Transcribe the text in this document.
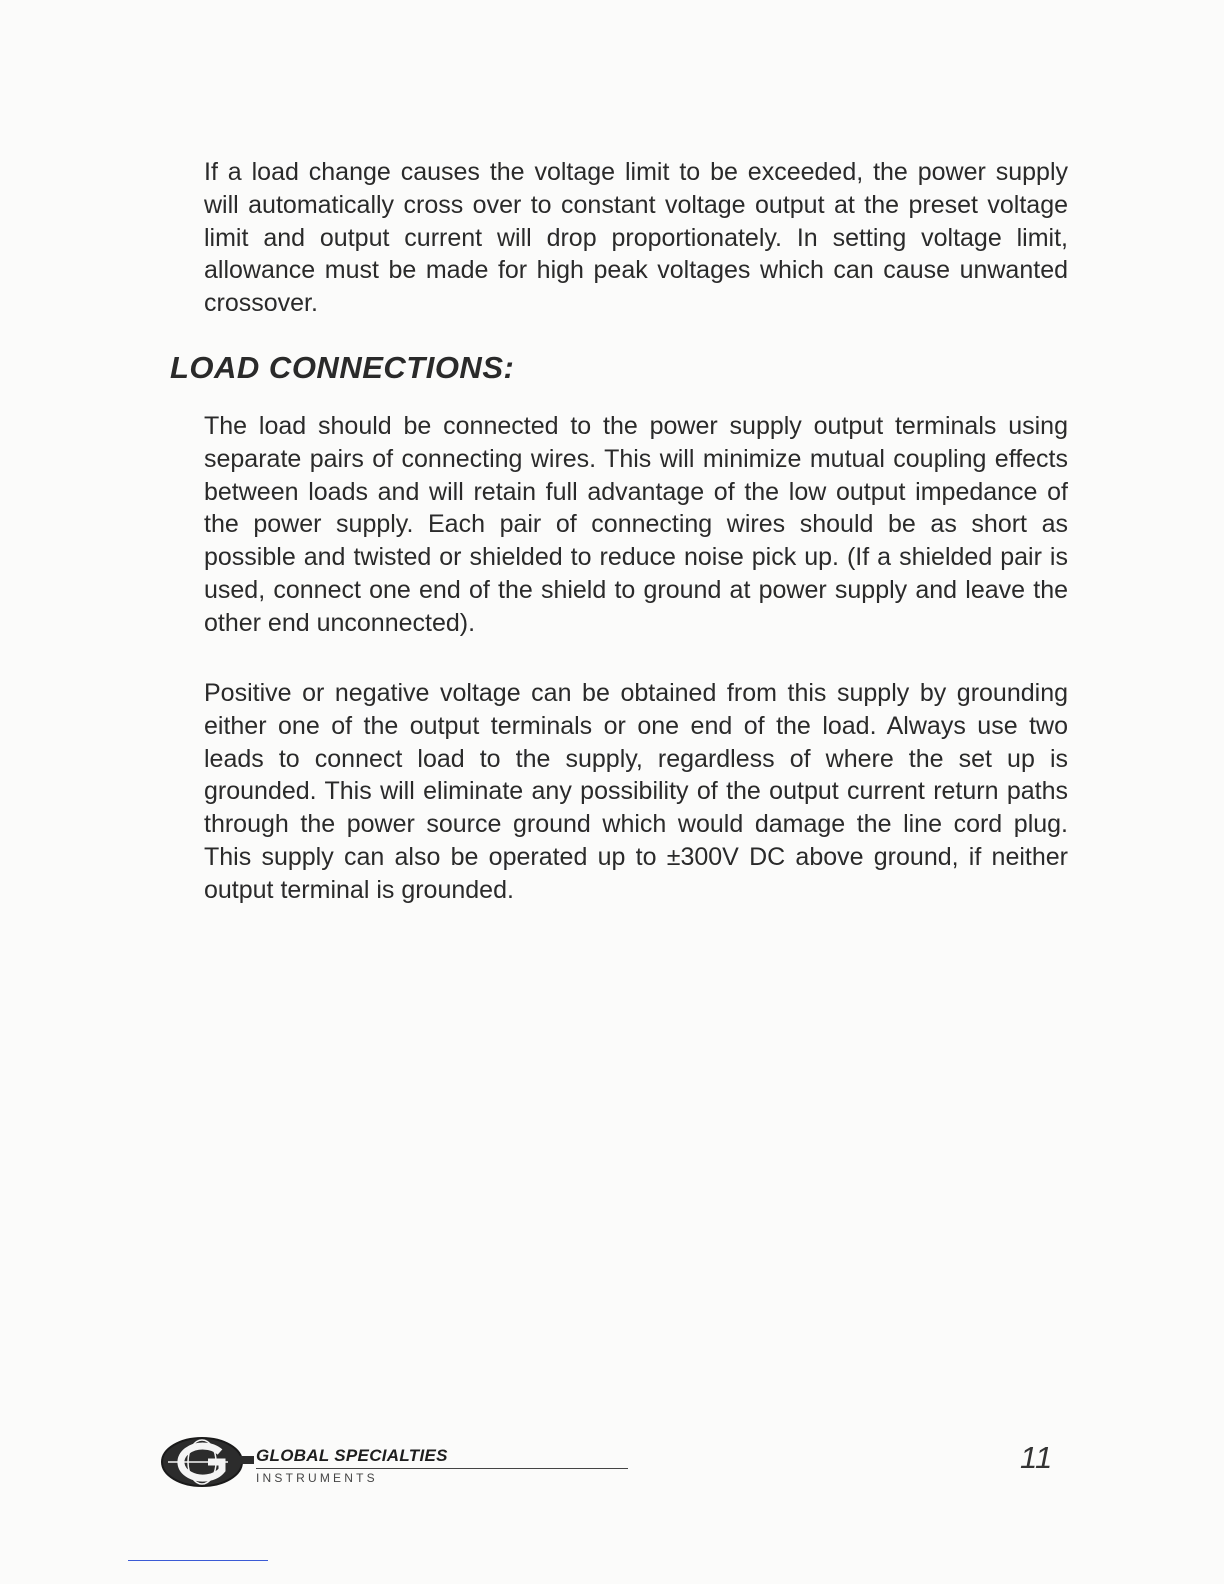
If a load change causes the voltage limit to be exceeded, the power supply will automatically cross over to constant voltage output at the preset voltage limit and output current will drop proportionately. In setting voltage limit, allowance must be made for high peak voltages which can cause unwanted crossover.

LOAD CONNECTIONS:

The load should be connected to the power supply output terminals using separate pairs of connecting wires. This will minimize mutual coupling effects between loads and will retain full advantage of the low output impedance of the power supply. Each pair of connecting wires should be as short as possible and twisted or shielded to reduce noise pick up. (If a shielded pair is used, connect one end of the shield to ground at power supply and leave the other end unconnected).

Positive or negative voltage can be obtained from this supply by grounding either one of the output terminals or one end of the load. Always use two leads to connect load to the supply, regardless of where the set up is grounded. This will eliminate any possibility of the output current return paths through the power source ground which would damage the line cord plug. This supply can also be operated up to ±300V DC above ground, if neither output terminal is grounded.

GLOBAL SPECIALTIES
INSTRUMENTS
11
